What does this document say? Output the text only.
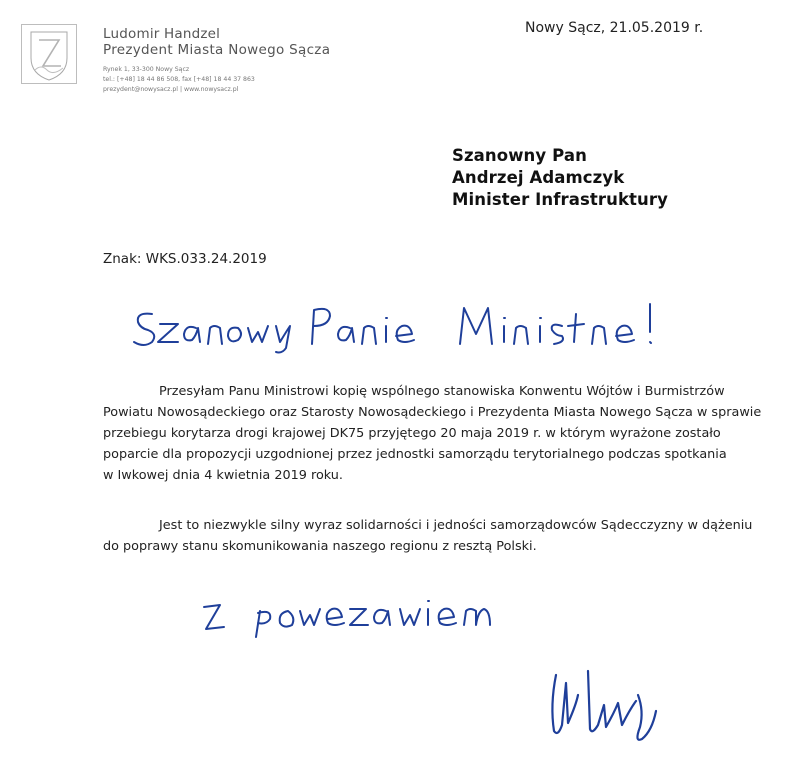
Ludomir Handzel
Prezydent Miasta Nowego Sącza
Rynek 1, 33-300 Nowy Sącz
tel.: [+48] 18 44 86 508, fax [+48] 18 44 37 863
prezydent@nowysacz.pl | www.nowysacz.pl
Nowy Sącz, 21.05.2019 r.
Szanowny Pan
Andrzej Adamczyk
Minister Infrastruktury
Znak: WKS.033.24.2019
Przesyłam Panu Ministrowi kopię wspólnego stanowiska Konwentu Wójtów i Burmistrzów
Powiatu Nowosądeckiego oraz Starosty Nowosądeckiego i Prezydenta Miasta Nowego Sącza w sprawie
przebiegu korytarza drogi krajowej DK75 przyjętego 20 maja 2019 r. w którym wyrażone zostało
poparcie dla propozycji uzgodnionej przez jednostki samorządu terytorialnego podczas spotkania
w Iwkowej dnia 4 kwietnia 2019 roku.
Jest to niezwykle silny wyraz solidarności i jedności samorządowców Sądecczyzny w dążeniu
do poprawy stanu skomunikowania naszego regionu z resztą Polski.
